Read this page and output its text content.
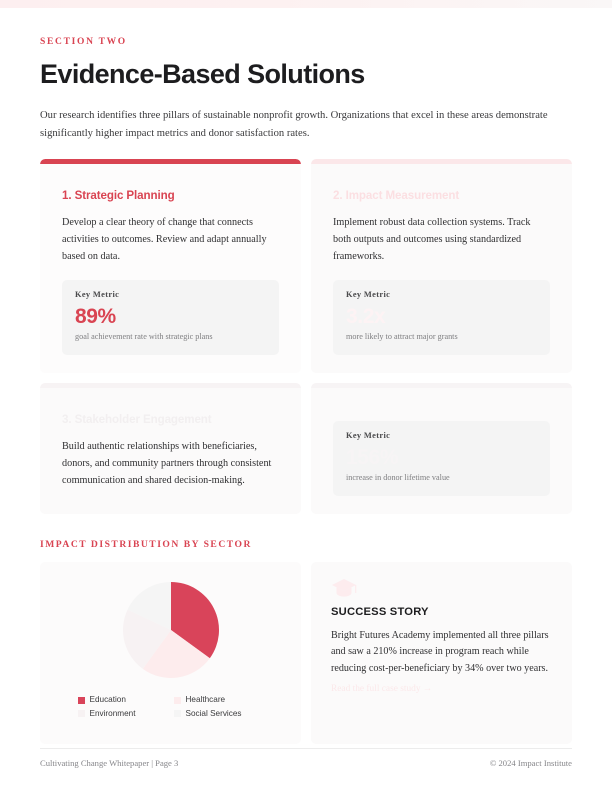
SECTION TWO
Evidence-Based Solutions

Our research identifies three pillars of sustainable nonprofit growth. Organizations that excel in these areas demonstrate significantly higher impact metrics and donor satisfaction rates.

1. Strategic Planning
Develop a clear theory of change that connects activities to outcomes. Review and adapt annually based on data.
Key Metric
89%
goal achievement rate with strategic plans
2. Impact Measurement
Implement robust data collection systems. Track both outputs and outcomes using standardized frameworks.
Key Metric
3.2x
more likely to attract major grants
3. Stakeholder Engagement
Build authentic relationships with beneficiaries, donors, and community partners through consistent communication and shared decision-making.
Key Metric
156%
increase in donor lifetime value
IMPACT DISTRIBUTION BY SECTOR
Education	Healthcare
Environment	Social Services
SUCCESS STORY
Bright Futures Academy implemented all three pillars and saw a 210% increase in program reach while reducing cost-per-beneficiary by 34% over two years.
Read the full case study →
Cultivating Change Whitepaper | Page 3	© 2024 Impact Institute
